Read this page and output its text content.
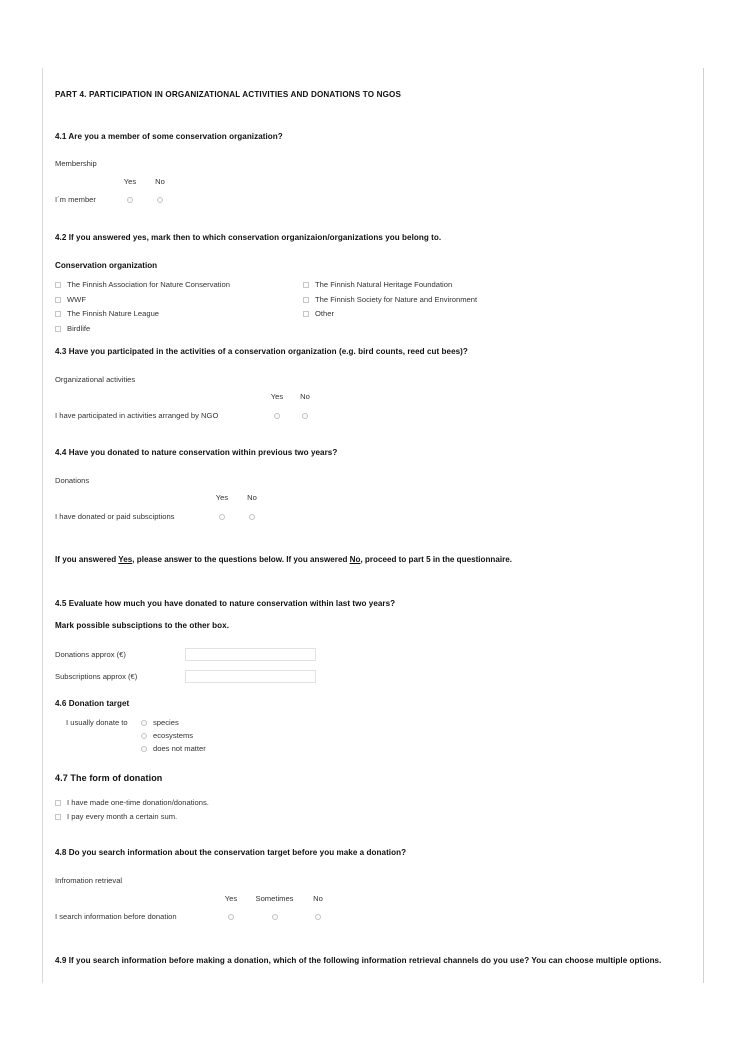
PART 4. PARTICIPATION IN ORGANIZATIONAL ACTIVITIES AND DONATIONS TO NGOS
4.1 Are you a member of some conservation organization?
Membership
Yes	No
I´m member
4.2 If you answered yes, mark then to which conservation organizaion/organizations you belong to.
Conservation organization
The Finnish Association for Nature Conservation
WWF
The Finnish Nature League
Birdlife
The Finnish Natural Heritage Foundation
The Finnish Society for Nature and Environment
Other
4.3 Have you participated in the activities of a conservation organization (e.g. bird counts, reed cut bees)?
Organizational activities
Yes	No
I have participated in activities arranged by NGO
4.4 Have you donated to nature conservation within previous two years?
Donations
Yes	No
I have donated or paid subsciptions
If you answered Yes, please answer to the questions below. If you answered No, proceed to part 5 in the questionnaire.
4.5 Evaluate how much you have donated to nature conservation within last two years?
Mark possible subsciptions to the other box.
Donations approx (€)
Subscriptions approx (€)
4.6 Donation target
I usually donate to	species
ecosystems
does not matter
4.7 The form of donation
I have made one-time donation/donations.
I pay every month a certain sum.
4.8 Do you search information about the conservation target before you make a donation?
Infromation retrieval
Yes	Sometimes	No
I search information before donation
4.9 If you search information before making a donation, which of the following information retrieval channels do you use? You can choose multiple options.
